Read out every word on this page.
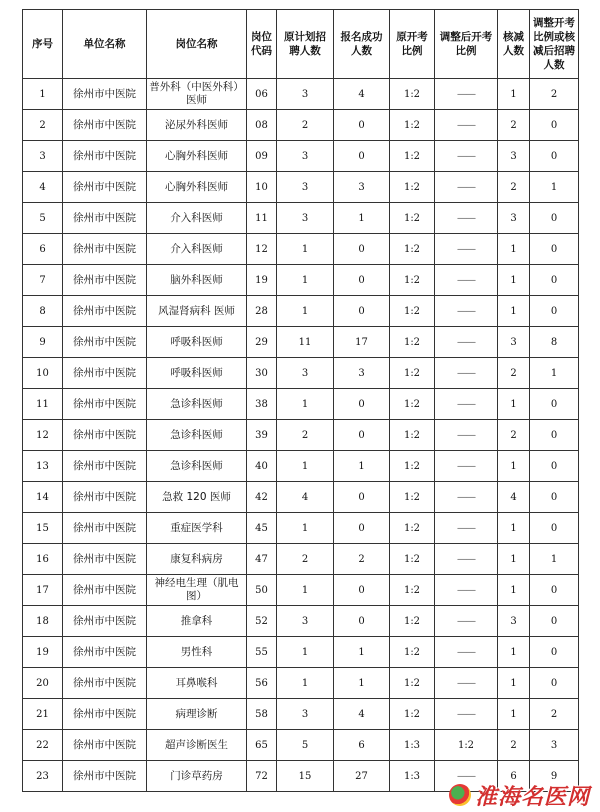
序号	单位名称	岗位名称	岗位代码	原计划招聘人数	报名成功人数	原开考比例	调整后开考比例	核减人数	调整开考比例或核减后招聘人数
1	徐州市中医院	普外科（中医外科）医师	06	3	4	1:2	——	1	2
2	徐州市中医院	泌尿外科医师	08	2	0	1:2	——	2	0
3	徐州市中医院	心胸外科医师	09	3	0	1:2	——	3	0
4	徐州市中医院	心胸外科医师	10	3	3	1:2	——	2	1
5	徐州市中医院	介入科医师	11	3	1	1:2	——	3	0
6	徐州市中医院	介入科医师	12	1	0	1:2	——	1	0
7	徐州市中医院	脑外科医师	19	1	0	1:2	——	1	0
8	徐州市中医院	风湿肾病科 医师	28	1	0	1:2	——	1	0
9	徐州市中医院	呼吸科医师	29	11	17	1:2	——	3	8
10	徐州市中医院	呼吸科医师	30	3	3	1:2	——	2	1
11	徐州市中医院	急诊科医师	38	1	0	1:2	——	1	0
12	徐州市中医院	急诊科医师	39	2	0	1:2	——	2	0
13	徐州市中医院	急诊科医师	40	1	1	1:2	——	1	0
14	徐州市中医院	急救 120 医师	42	4	0	1:2	——	4	0
15	徐州市中医院	重症医学科	45	1	0	1:2	——	1	0
16	徐州市中医院	康复科病房	47	2	2	1:2	——	1	1
17	徐州市中医院	神经电生理（肌电图）	50	1	0	1:2	——	1	0
18	徐州市中医院	推拿科	52	3	0	1:2	——	3	0
19	徐州市中医院	男性科	55	1	1	1:2	——	1	0
20	徐州市中医院	耳鼻喉科	56	1	1	1:2	——	1	0
21	徐州市中医院	病理诊断	58	3	4	1:2	——	1	2
22	徐州市中医院	超声诊断医生	65	5	6	1:3	1:2	2	3
23	徐州市中医院	门诊草药房	72	15	27	1:3	——	6	9
淮海名医网
